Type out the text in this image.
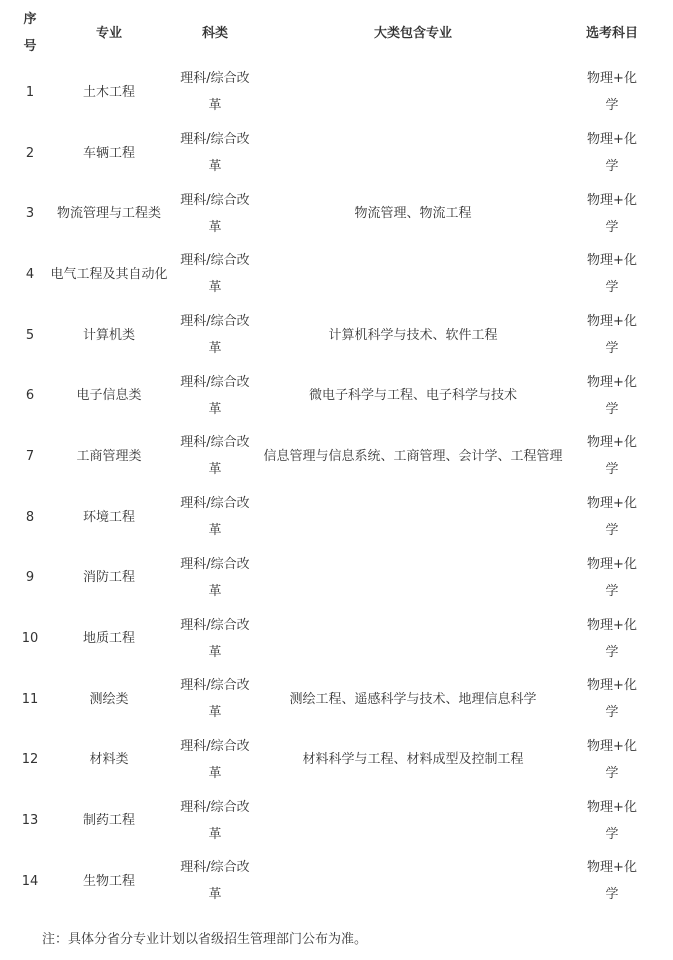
序号	专业	科类	大类包含专业	选考科目
1	土木工程	理科/综合改革		物理+化学
2	车辆工程	理科/综合改革		物理+化学
3	物流管理与工程类	理科/综合改革	物流管理、物流工程	物理+化学
4	电气工程及其自动化	理科/综合改革		物理+化学
5	计算机类	理科/综合改革	计算机科学与技术、软件工程	物理+化学
6	电子信息类	理科/综合改革	微电子科学与工程、电子科学与技术	物理+化学
7	工商管理类	理科/综合改革	信息管理与信息系统、工商管理、会计学、工程管理	物理+化学
8	环境工程	理科/综合改革		物理+化学
9	消防工程	理科/综合改革		物理+化学
10	地质工程	理科/综合改革		物理+化学
11	测绘类	理科/综合改革	测绘工程、遥感科学与技术、地理信息科学	物理+化学
12	材料类	理科/综合改革	材料科学与工程、材料成型及控制工程	物理+化学
13	制药工程	理科/综合改革		物理+化学
14	生物工程	理科/综合改革		物理+化学
注：具体分省分专业计划以省级招生管理部门公布为准。
